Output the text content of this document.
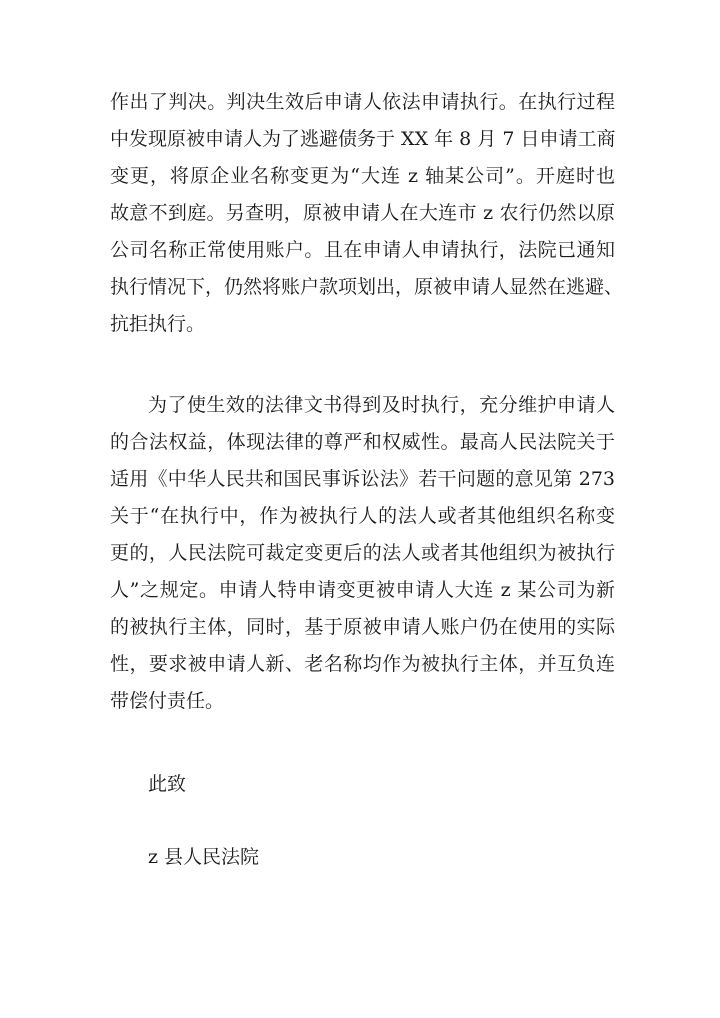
作出了判决。判决生效后申请人依法申请执行。在执行过程
中发现原被申请人为了逃避债务于 XX 年 8 月 7 日申请工商
变更，将原企业名称变更为“大连 z 轴某公司”。开庭时也
故意不到庭。另查明，原被申请人在大连市 z 农行仍然以原
公司名称正常使用账户。且在申请人申请执行，法院已通知
执行情况下，仍然将账户款项划出，原被申请人显然在逃避、
抗拒执行。
为了使生效的法律文书得到及时执行，充分维护申请人
的合法权益，体现法律的尊严和权威性。最高人民法院关于
适用《中华人民共和国民事诉讼法》若干问题的意见第 273
关于“在执行中，作为被执行人的法人或者其他组织名称变
更的，人民法院可裁定变更后的法人或者其他组织为被执行
人”之规定。申请人特申请变更被申请人大连 z 某公司为新
的被执行主体，同时，基于原被申请人账户仍在使用的实际
性，要求被申请人新、老名称均作为被执行主体，并互负连
带偿付责任。
此致
z 县人民法院
